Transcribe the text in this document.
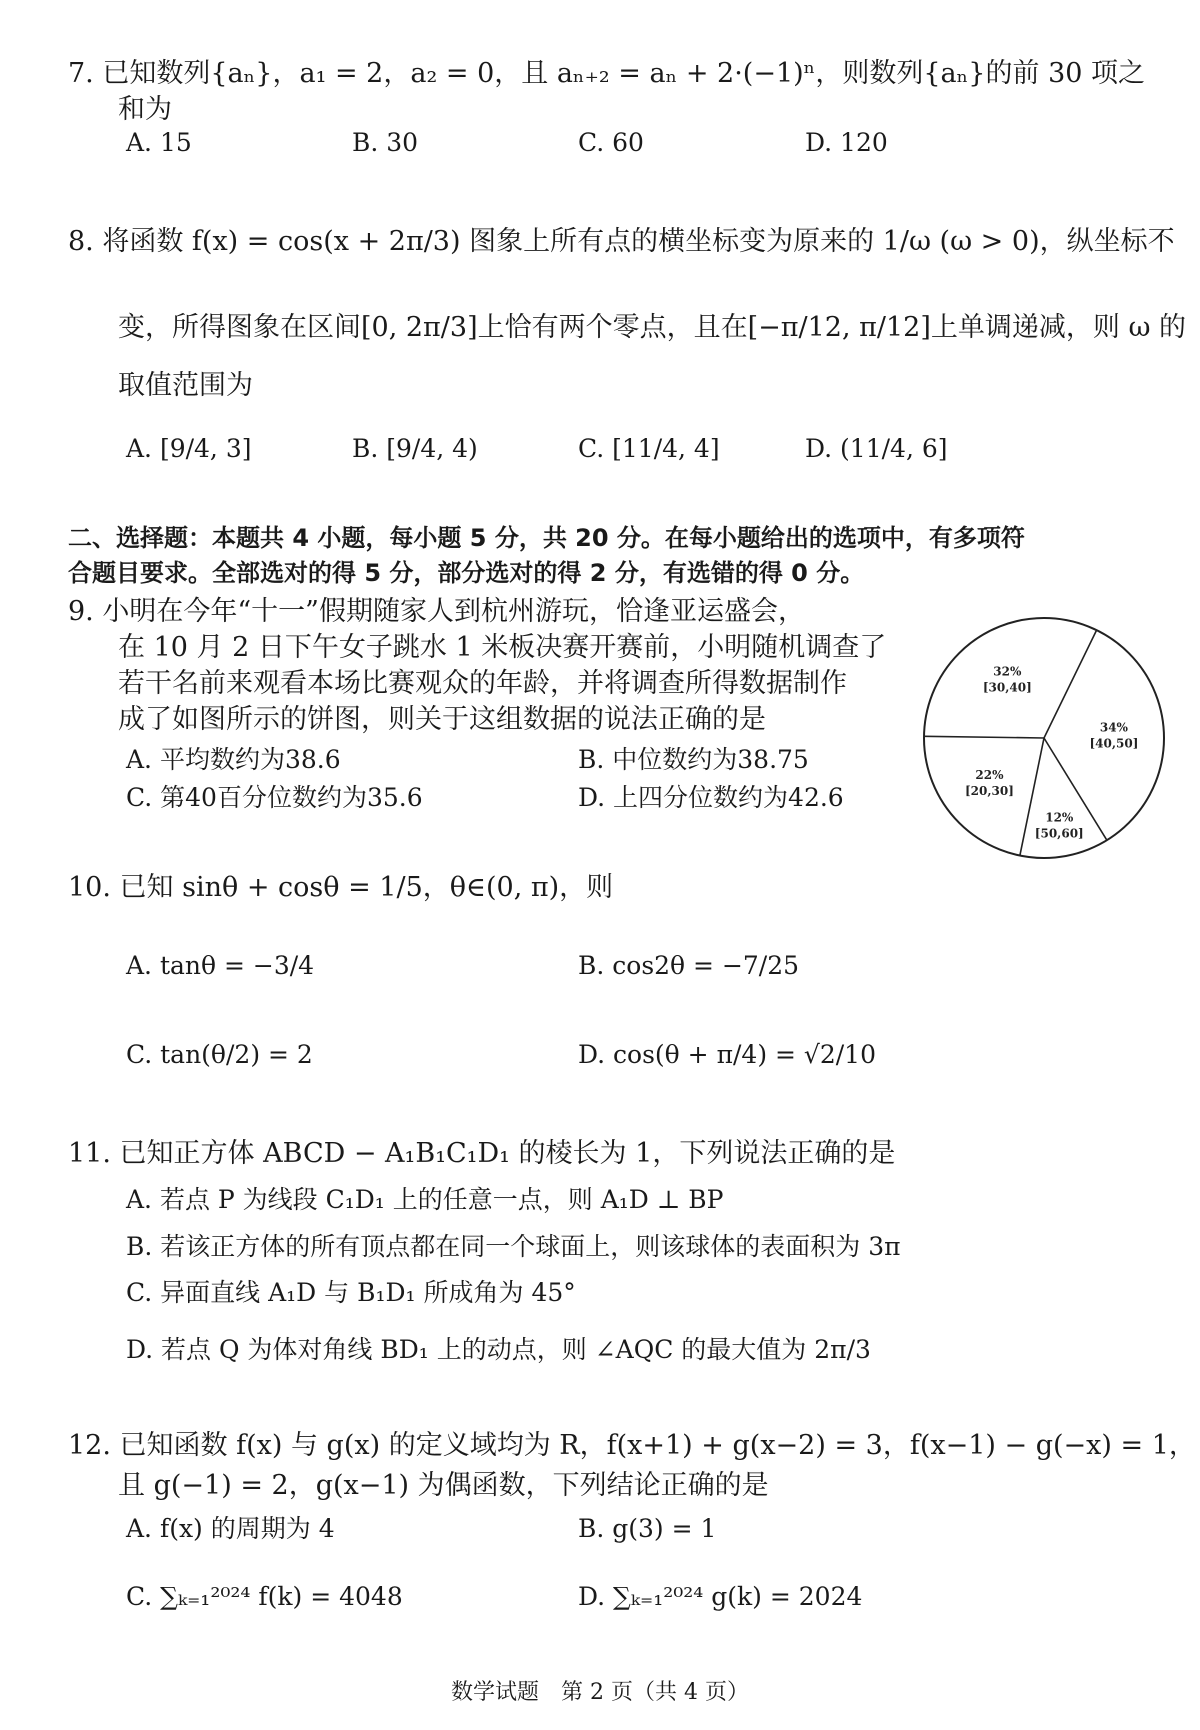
7. 已知数列{aₙ}，a₁ = 2，a₂ = 0，且 aₙ₊₂ = aₙ + 2·(−1)ⁿ，则数列{aₙ}的前 30 项之
和为
A. 15	B. 30	C. 60	D. 120
8. 将函数 f(x) = cos(x + 2π/3) 图象上所有点的横坐标变为原来的 1/ω (ω > 0)，纵坐标不
变，所得图象在区间[0, 2π/3]上恰有两个零点，且在[−π/12, π/12]上单调递减，则 ω 的
取值范围为
A. [9/4, 3]	B. [9/4, 4)	C. [11/4, 4]	D. (11/4, 6]
二、选择题：本题共 4 小题，每小题 5 分，共 20 分。在每小题给出的选项中，有多项符
合题目要求。全部选对的得 5 分，部分选对的得 2 分，有选错的得 0 分。
9. 小明在今年“十一”假期随家人到杭州游玩，恰逢亚运盛会，
在 10 月 2 日下午女子跳水 1 米板决赛开赛前，小明随机调查了
若干名前来观看本场比赛观众的年龄，并将调查所得数据制作
成了如图所示的饼图，则关于这组数据的说法正确的是
A. 平均数约为38.6	B. 中位数约为38.75
C. 第40百分位数约为35.6	D. 上四分位数约为42.6
34%
[40,50]
12%
[50,60]
22%
[20,30]
32%
[30,40]
10. 已知 sinθ + cosθ = 1/5，θ∈(0, π)，则
A. tanθ = −3/4	B. cos2θ = −7/25
C. tan(θ/2) = 2	D. cos(θ + π/4) = √2/10
11. 已知正方体 ABCD − A₁B₁C₁D₁ 的棱长为 1，下列说法正确的是
A. 若点 P 为线段 C₁D₁ 上的任意一点，则 A₁D ⊥ BP
B. 若该正方体的所有顶点都在同一个球面上，则该球体的表面积为 3π
C. 异面直线 A₁D 与 B₁D₁ 所成角为 45°
D. 若点 Q 为体对角线 BD₁ 上的动点，则 ∠AQC 的最大值为 2π/3
12. 已知函数 f(x) 与 g(x) 的定义域均为 R，f(x+1) + g(x−2) = 3，f(x−1) − g(−x) = 1，
且 g(−1) = 2，g(x−1) 为偶函数，下列结论正确的是
A. f(x) 的周期为 4	B. g(3) = 1
C. ∑ₖ₌₁²⁰²⁴ f(k) = 4048	D. ∑ₖ₌₁²⁰²⁴ g(k) = 2024
数学试题　第 2 页（共 4 页）
